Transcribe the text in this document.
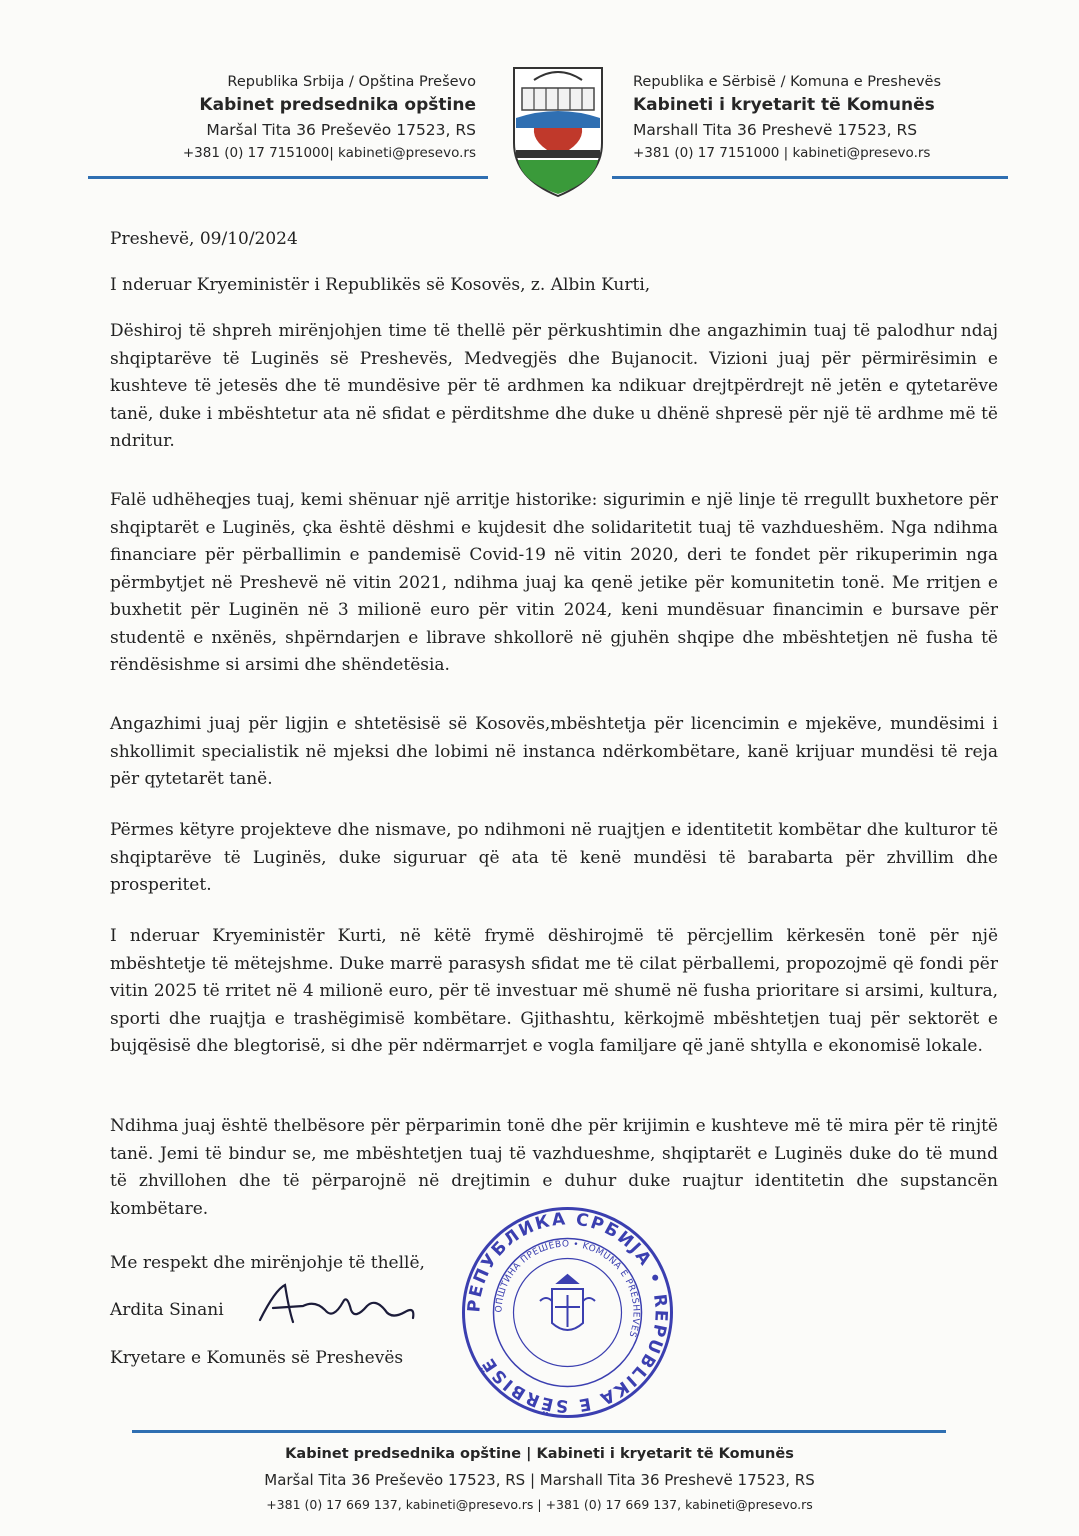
Republika Srbija / Opština Preševo
Kabinet predsednika opštine
Maršal Tita 36 Preševëo 17523, RS
+381 (0) 17 7151000| kabineti@presevo.rs
Republika e Sërbisë / Komuna e Preshevës
Kabineti i kryetarit të Komunës
Marshall Tita 36 Preshevë 17523, RS
+381 (0) 17 7151000 | kabineti@presevo.rs
Preshevë, 09/10/2024
I nderuar Kryeministër i Republikës së Kosovës, z. Albin Kurti,

Dëshiroj të shpreh mirënjohjen time të thellë për përkushtimin dhe angazhimin tuaj të palodhur ndaj shqiptarëve të Luginës së Preshevës, Medvegjës dhe Bujanocit. Vizioni juaj për përmirësimin e kushteve të jetesës dhe të mundësive për të ardhmen ka ndikuar drejtpërdrejt në jetën e qytetarëve tanë, duke i mbështetur ata në sfidat e përditshme dhe duke u dhënë shpresë për një të ardhme më të ndritur.

Falë udhëheqjes tuaj, kemi shënuar një arritje historike: sigurimin e një linje të rregullt buxhetore për shqiptarët e Luginës, çka është dëshmi e kujdesit dhe solidaritetit tuaj të vazhdueshëm. Nga ndihma financiare për përballimin e pandemisë Covid-19 në vitin 2020, deri te fondet për rikuperimin nga përmbytjet në Preshevë në vitin 2021, ndihma juaj ka qenë jetike për komunitetin tonë. Me rritjen e buxhetit për Luginën në 3 milionë euro për vitin 2024, keni mundësuar financimin e bursave për studentë e nxënës, shpërndarjen e librave shkollorë në gjuhën shqipe dhe mbështetjen në fusha të rëndësishme si arsimi dhe shëndetësia.

Angazhimi juaj për ligjin e shtetësisë së Kosovës,mbështetja për licencimin e mjekëve, mundësimi i shkollimit specialistik në mjeksi dhe lobimi në instanca ndërkombëtare, kanë krijuar mundësi të reja për qytetarët tanë.

Përmes këtyre projekteve dhe nismave, po ndihmoni në ruajtjen e identitetit kombëtar dhe kulturor të shqiptarëve të Luginës, duke siguruar që ata të kenë mundësi të barabarta për zhvillim dhe prosperitet.

I nderuar Kryeministër Kurti, në këtë frymë dëshirojmë të përcjellim kërkesën tonë për një mbështetje të mëtejshme. Duke marrë parasysh sfidat me të cilat përballemi, propozojmë që fondi për vitin 2025 të rritet në 4 milionë euro, për të investuar më shumë në fusha prioritare si arsimi, kultura, sporti dhe ruajtja e trashëgimisë kombëtare. Gjithashtu, kërkojmë mbështetjen tuaj për sektorët e bujqësisë dhe blegtorisë, si dhe për ndërmarrjet e vogla familjare që janë shtylla e ekonomisë lokale.

Ndihma juaj është thelbësore për përparimin tonë dhe për krijimin e kushteve më të mira për të rinjtë tanë. Jemi të bindur se, me mbështetjen tuaj të vazhdueshme, shqiptarët e Luginës duke do të mund të zhvillohen dhe të përparojnë në drejtimin e duhur duke ruajtur identitetin dhe supstancën kombëtare.

Me respekt dhe mirënjohje të thellë,
Ardita Sinani
Kryetare e Komunës së Preshevës
РЕПУБЛИКА СРБИЈА • REPUBLIKA E SËRBISË
ОПШТИНА ПРЕШЕВО • KOMUNA E PRESHEVËS
Kabinet predsednika opštine | Kabineti i kryetarit të Komunës
Maršal Tita 36 Preševëo 17523, RS | Marshall Tita 36 Preshevë 17523, RS
+381 (0) 17 669 137, kabineti@presevo.rs | +381 (0) 17 669 137, kabineti@presevo.rs
